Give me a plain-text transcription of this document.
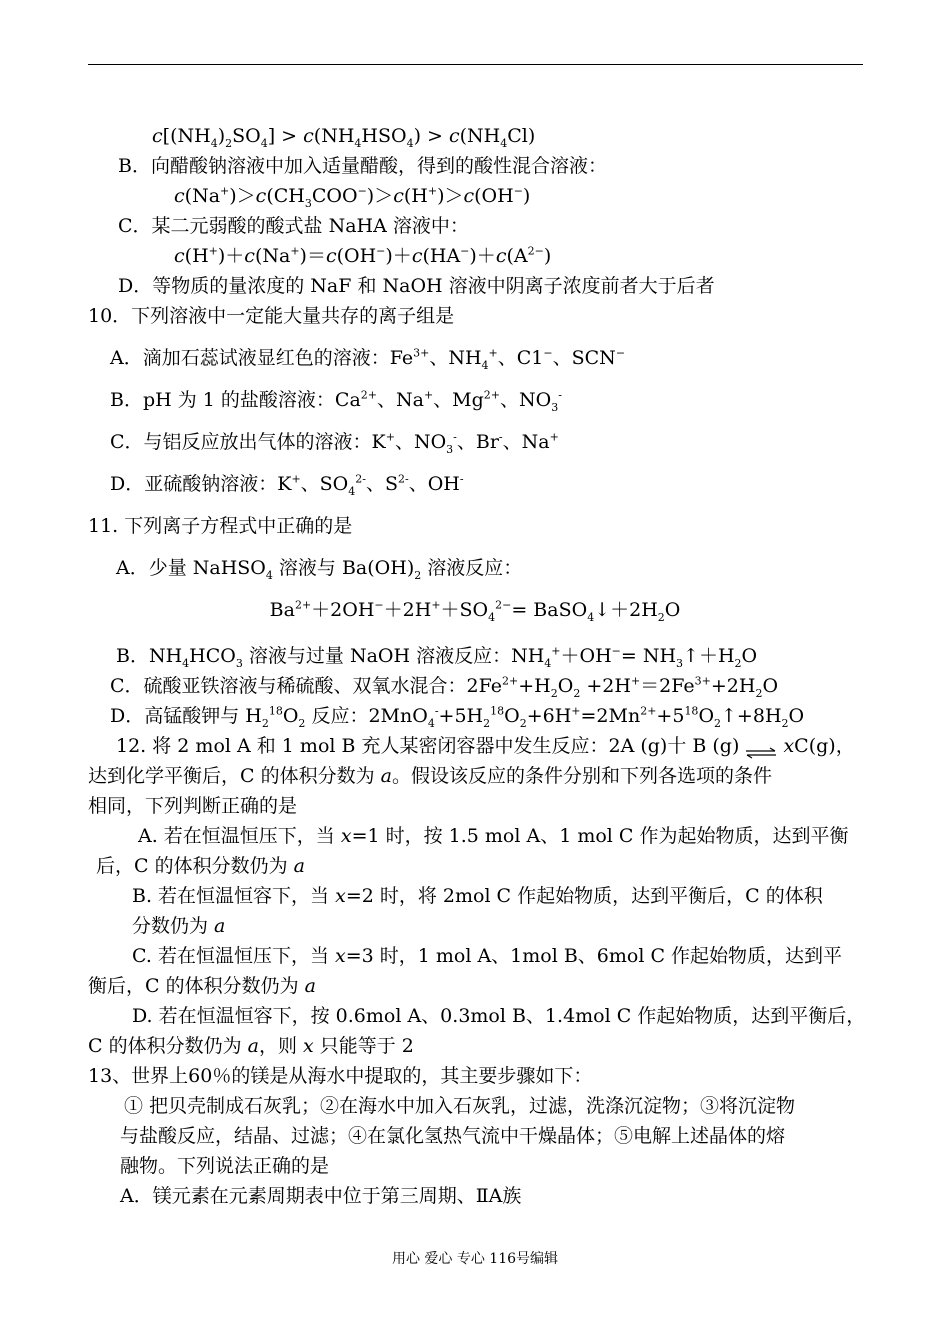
$c[(NH_4)_2SO_4] > c(NH_4HSO_4) > c(NH_4Cl)$
B．向醋酸钠溶液中加入适量醋酸，得到的酸性混合溶液：
$c(Na^+)>c(CH_3COO^-)>c(H^+)>c(OH^-)$
C．某二元弱酸的酸式盐 NaHA 溶液中：
$c(H^+)+c(Na^+)=c(OH^-)+c(HA^-)+c(A^{2-})$
D．等物质的量浓度的 NaF 和 NaOH 溶液中阴离子浓度前者大于后者
10．下列溶液中一定能大量共存的离子组是
A．滴加石蕊试液显红色的溶液：$Fe^{3+}$、$NH_4^+$、C1−、SCN−
B．pH 为 1 的盐酸溶液：$Ca^{2+}$、Na+、$Mg^{2+}$、$NO_3^-$
C．与铝反应放出气体的溶液：K+、$NO_3^-$、Br-、Na+
D．亚硫酸钠溶液：K+、$SO_4^{2-}$、$S^{2-}$、OH-
11. 下列离子方程式中正确的是
A．少量 NaHSO$_4$ 溶液与 $Ba(OH)_2$ 溶液反应：
$Ba^{2+}+2OH^-+2H^++SO_4^{2-}=$ $BaSO_4↓+2H_2O$
B．$NH_4HCO_3$ 溶液与过量 NaOH 溶液反应：$NH_4^++OH^-=$ $NH_3↑+H_2O$
C．硫酸亚铁溶液与稀硫酸、双氧水混合：$2Fe^{2+}+H_2O_2 +2H^+=2Fe^{3+}+2H_2O$
D．高锰酸钾与 $H_2^{18}O_2$ 反应：$2MnO_4^-+5H_2^{18}O_2+6H^+=2Mn^{2+}+5^{18}O_2↑+8H_2O$
12. 将 2 mol A 和 1 mol B 充人某密闭容器中发生反应：2A (g)十 B (g) ⇌ xC(g)，
达到化学平衡后，C 的体积分数为 a。假设该反应的条件分别和下列各选项的条件
相同，下列判断正确的是
A. 若在恒温恒压下，当 x=1 时，按 1.5 mol A、1 mol C 作为起始物质，达到平衡
后，C 的体积分数仍为 a
B. 若在恒温恒容下，当 x=2 时，将 2mol C 作起始物质，达到平衡后，C 的体积
分数仍为 a
C. 若在恒温恒压下，当 x=3 时，1 mol A、1mol B、6mol C 作起始物质，达到平
衡后，C 的体积分数仍为 a
D. 若在恒温恒容下，按 0.6mol A、0.3mol B、1.4mol C 作起始物质，达到平衡后，
C 的体积分数仍为 a，则 x 只能等于 2
13、世界上60％的镁是从海水中提取的，其主要步骤如下：
① 把贝壳制成石灰乳；②在海水中加入石灰乳，过滤，洗涤沉淀物；③将沉淀物
与盐酸反应，结晶、过滤；④在氯化氢热气流中干燥晶体；⑤电解上述晶体的熔
融物。下列说法正确的是
A．镁元素在元素周期表中位于第三周期、ⅡA族
用心 爱心 专心 116号编辑
